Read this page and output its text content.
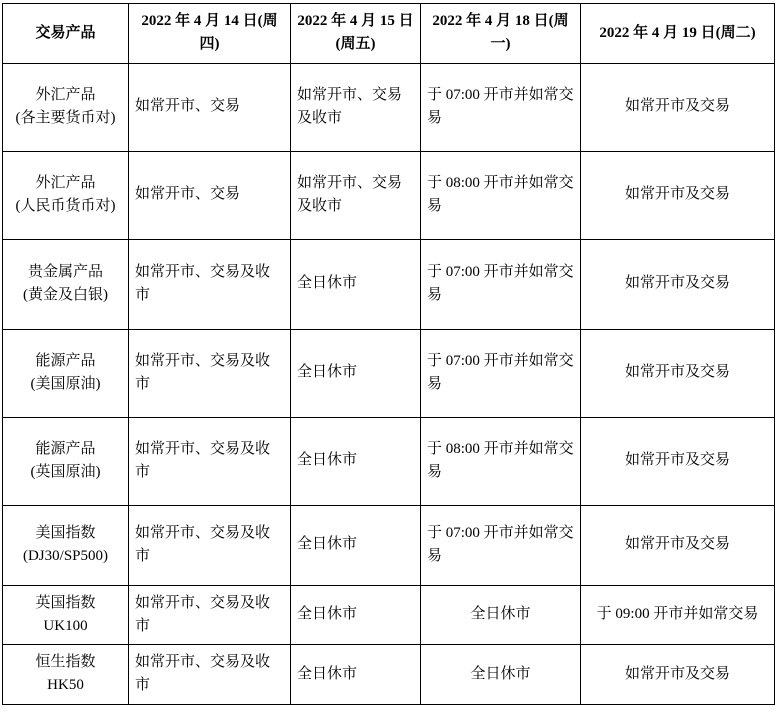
交易产品	2022 年 4 月 14 日(周四)	2022 年 4 月 15 日(周五)	2022 年 4 月 18 日(周一)	2022 年 4 月 19 日(周二)

外汇产品
(各主要货币对)	如常开市、交易	如常开市、交易及收市	于 07:00 开市并如常交易	如常开市及交易

外汇产品
(人民币货币对)	如常开市、交易	如常开市、交易及收市	于 08:00 开市并如常交易	如常开市及交易

贵金属产品
(黄金及白银)	如常开市、交易及收市	全日休市	于 07:00 开市并如常交易	如常开市及交易

能源产品
(美国原油)	如常开市、交易及收市	全日休市	于 07:00 开市并如常交易	如常开市及交易

能源产品
(英国原油)	如常开市、交易及收市	全日休市	于 08:00 开市并如常交易	如常开市及交易

美国指数
(DJ30/SP500)	如常开市、交易及收市	全日休市	于 07:00 开市并如常交易	如常开市及交易

英国指数
UK100	如常开市、交易及收市	全日休市	全日休市	于 09:00 开市并如常交易

恒生指数
HK50	如常开市、交易及收市	全日休市	全日休市	如常开市及交易
